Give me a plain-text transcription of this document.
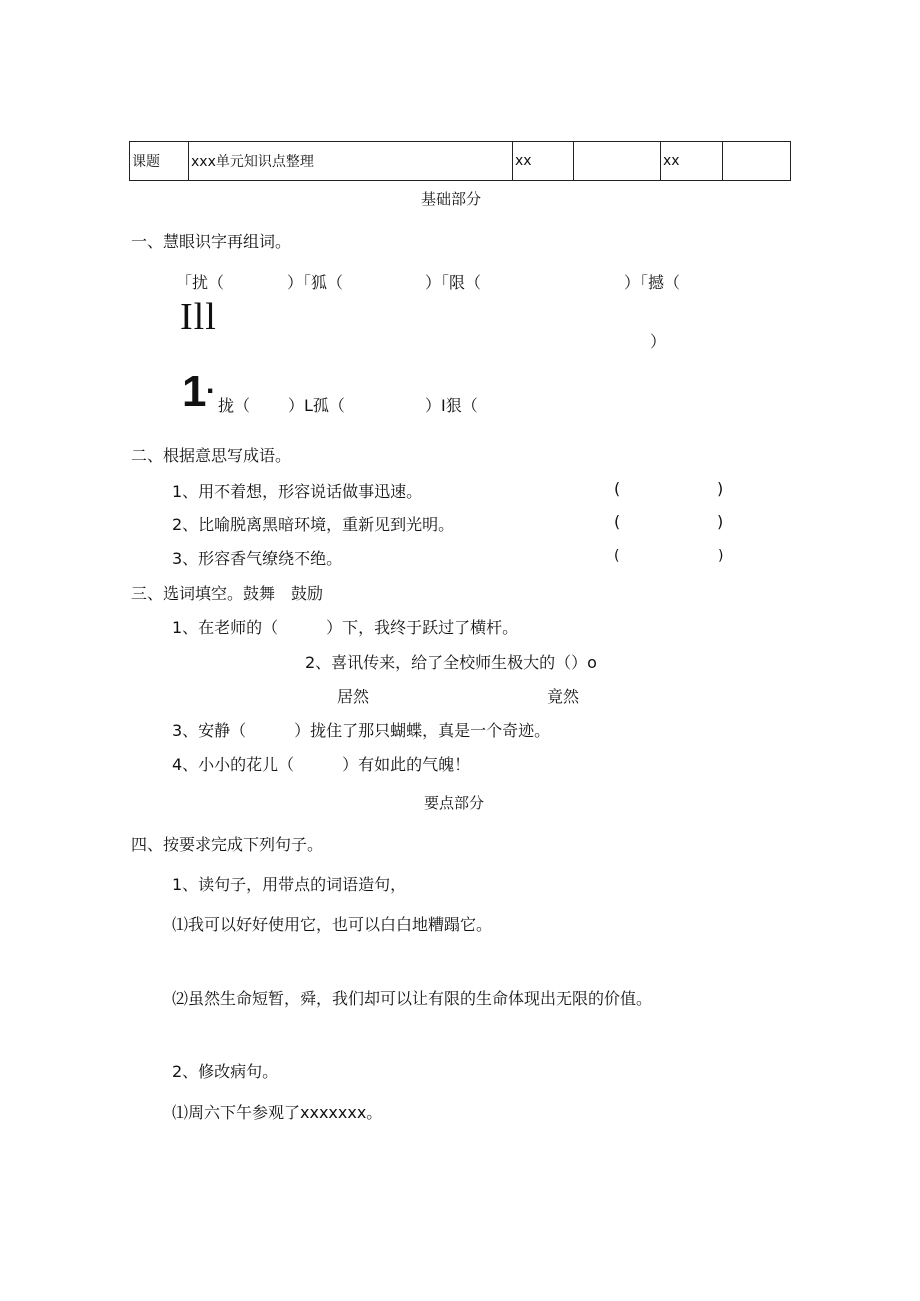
课题	xxx单元知识点整理	xx		xx	
基础部分
一、慧眼识字再组词。
「扰（	）「狐（	）「限（	）「撼（
Ill
）
1 .
拢（ ）L孤（	）I狠（
二、根据意思写成语。
1、用不着想，形容说话做事迅速。	(	)
2、比喻脱离黑暗环境，重新见到光明。	(	)
3、形容香气缭绕不绝。	(	)
三、选词填空。鼓舞　鼓励
1、在老师的（　　　）下，我终于跃过了横杆。
2、喜讯传来，给了全校师生极大的（）o
居然	竟然
3、安静（　　　）拢住了那只蝴蝶，真是一个奇迹。
4、小小的花儿（　　　）有如此的气魄！
要点部分
四、按要求完成下列句子。
1、读句子，用带点的词语造句，
⑴我可以好好使用它，也可以白白地糟蹋它。
⑵虽然生命短暂，舜，我们却可以让有限的生命体现出无限的价值。
2、修改病句。
⑴周六下午参观了xxxxxxx。
